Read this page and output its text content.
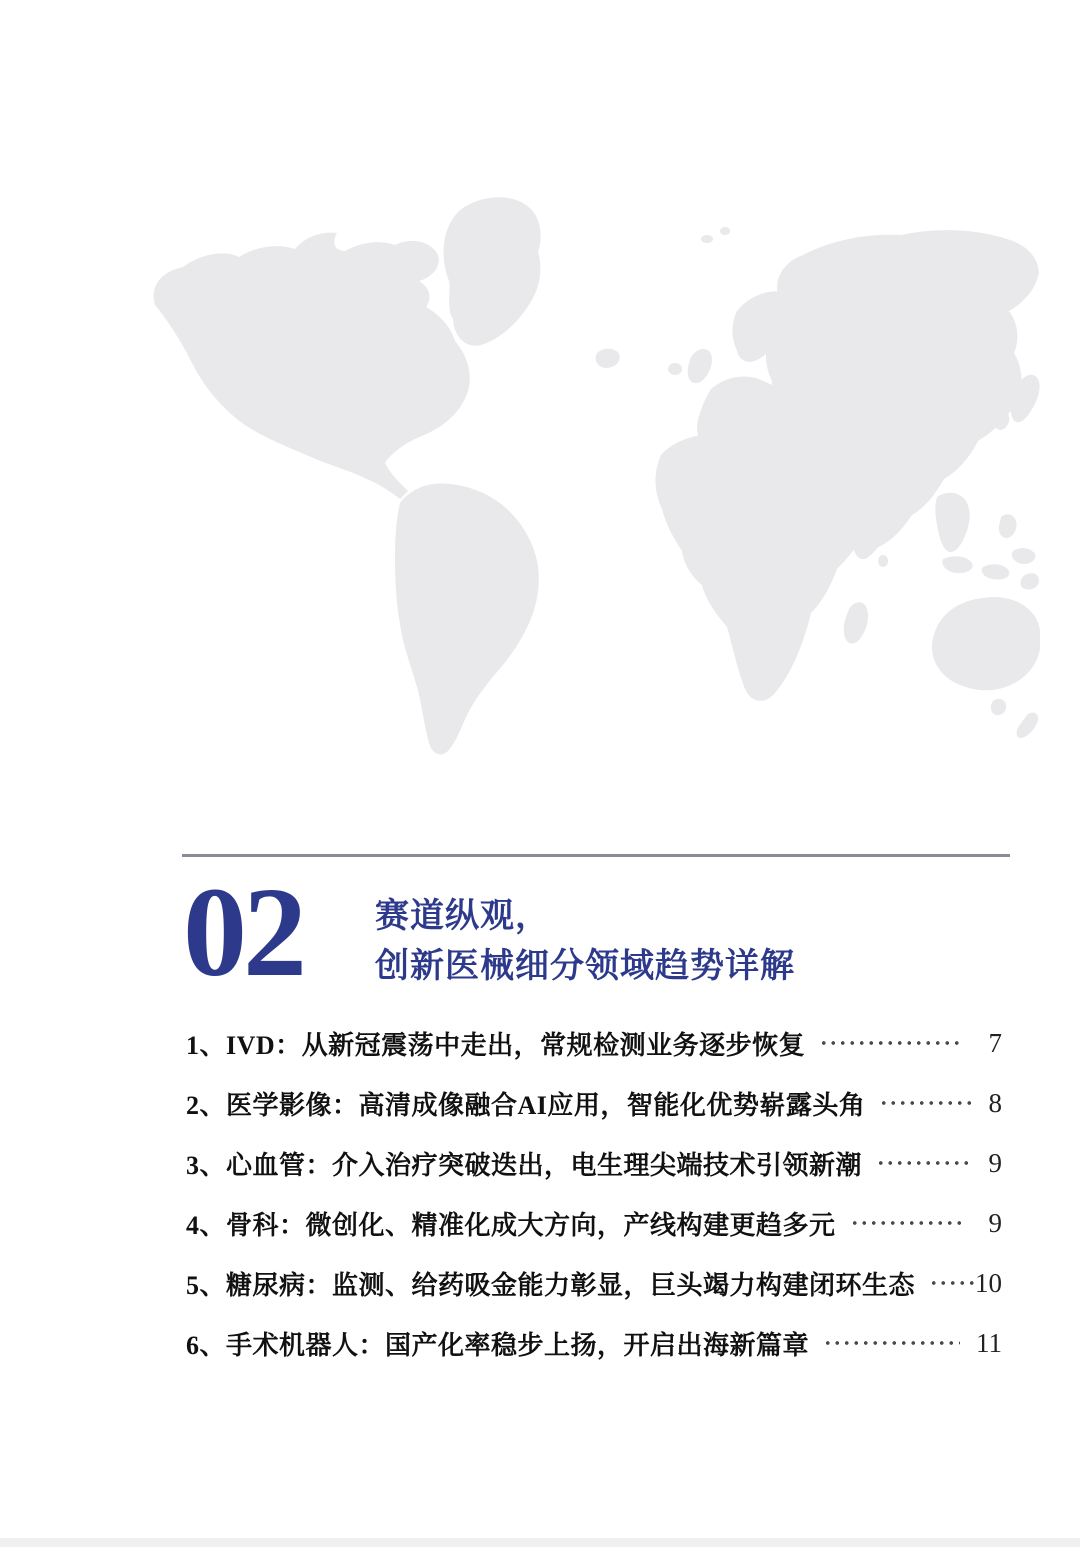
02 赛道纵观，
创新医械细分领域趋势详解
1、IVD：从新冠震荡中走出，常规检测业务逐步恢复	7
2、医学影像：高清成像融合AI应用，智能化优势崭露头角	8
3、心血管：介入治疗突破迭出，电生理尖端技术引领新潮	9
4、骨科：微创化、精准化成大方向，产线构建更趋多元	9
5、糖尿病：监测、给药吸金能力彰显，巨头竭力构建闭环生态 10
6、手术机器人：国产化率稳步上扬，开启出海新篇章	11
